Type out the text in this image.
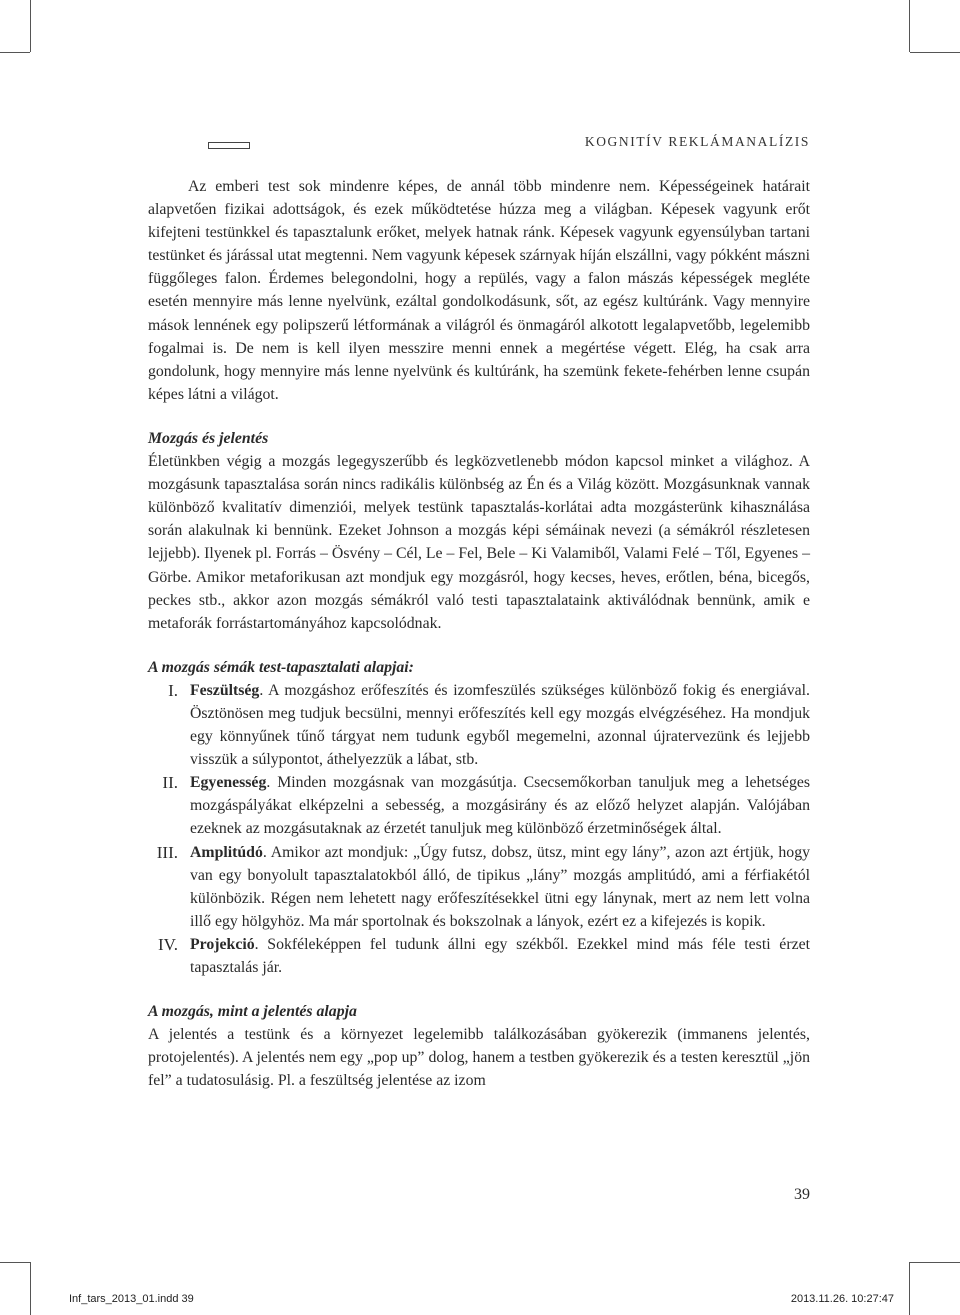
KOGNITÍV REKLÁMANALÍZIS

Az emberi test sok mindenre képes, de annál több mindenre nem. Képességeinek határait alapvetően fizikai adottságok, és ezek működtetése húzza meg a világban. Képesek vagyunk erőt kifejteni testünkkel és tapasztalunk erőket, melyek hatnak ránk. Képesek vagyunk egyensúlyban tartani testünket és járással utat megtenni. Nem vagyunk képesek szárnyak híján elszállni, vagy pókként mászni függőleges falon. Érdemes belegondolni, hogy a repülés, vagy a falon mászás képességek megléte esetén mennyire más lenne nyelvünk, ezáltal gondolkodásunk, sőt, az egész kultúránk. Vagy mennyire mások lennének egy polipszerű létformának a világról és önmagáról alkotott legalapvetőbb, legelemibb fogalmai is. De nem is kell ilyen messzire menni ennek a megértése végett. Elég, ha csak arra gondolunk, hogy mennyire más lenne nyelvünk és kultúránk, ha szemünk fekete-fehérben lenne csupán képes látni a világot.

Mozgás és jelentés

Életünkben végig a mozgás legegyszerűbb és legközvetlenebb módon kapcsol minket a világhoz. A mozgásunk tapasztalása során nincs radikális különbség az Én és a Világ között. Mozgásunknak vannak különböző kvalitatív dimenziói, melyek testünk tapasztalás-korlátai adta mozgásterünk kihasználása során alakulnak ki bennünk. Ezeket Johnson a mozgás képi sémáinak nevezi (a sémákról részletesen lejjebb). Ilyenek pl. Forrás – Ösvény – Cél, Le – Fel, Bele – Ki Valamiből, Valami Felé – Től, Egyenes – Görbe. Amikor metaforikusan azt mondjuk egy mozgásról, hogy kecses, heves, erőtlen, béna, bicegős, peckes stb., akkor azon mozgás sémákról való testi tapasztalataink aktiválódnak bennünk, amik e metaforák forrástartományához kapcsolódnak.

A mozgás sémák test-tapasztalati alapjai:
I. Feszültség. A mozgáshoz erőfeszítés és izomfeszülés szükséges különböző fokig és energiával. Ösztönösen meg tudjuk becsülni, mennyi erőfeszítés kell egy mozgás elvégzéséhez. Ha mondjuk egy könnyűnek tűnő tárgyat nem tudunk egyből megemelni, azonnal újratervezünk és lejjebb visszük a súlypontot, áthelyezzük a lábat, stb.
II. Egyenesség. Minden mozgásnak van mozgásútja. Csecsemőkorban tanuljuk meg a lehetséges mozgáspályákat elképzelni a sebesség, a mozgásirány és az előző helyzet alapján. Valójában ezeknek az mozgásutaknak az érzetét tanuljuk meg különböző érzetminőségek által.
III. Amplitúdó. Amikor azt mondjuk: „Úgy futsz, dobsz, ütsz, mint egy lány”, azon azt értjük, hogy van egy bonyolult tapasztalatokból álló, de tipikus „lány” mozgás amplitúdó, ami a férfiakétól különbözik. Régen nem lehetett nagy erőfeszítésekkel ütni egy lánynak, mert az nem lett volna illő egy hölgyhöz. Ma már sportolnak és bokszolnak a lányok, ezért ez a kifejezés is kopik.
IV. Projekció. Sokféleképpen fel tudunk állni egy székből. Ezekkel mind más féle testi érzet tapasztalás jár.
A mozgás, mint a jelentés alapja

A jelentés a testünk és a környezet legelemibb találkozásában gyökerezik (immanens jelentés, protojelentés). A jelentés nem egy „pop up” dolog, hanem a testben gyökerezik és a testen keresztül „jön fel” a tudatosulásig. Pl. a feszültség jelentése az izom

39
Inf_tars_2013_01.indd 39	2013.11.26. 10:27:47
